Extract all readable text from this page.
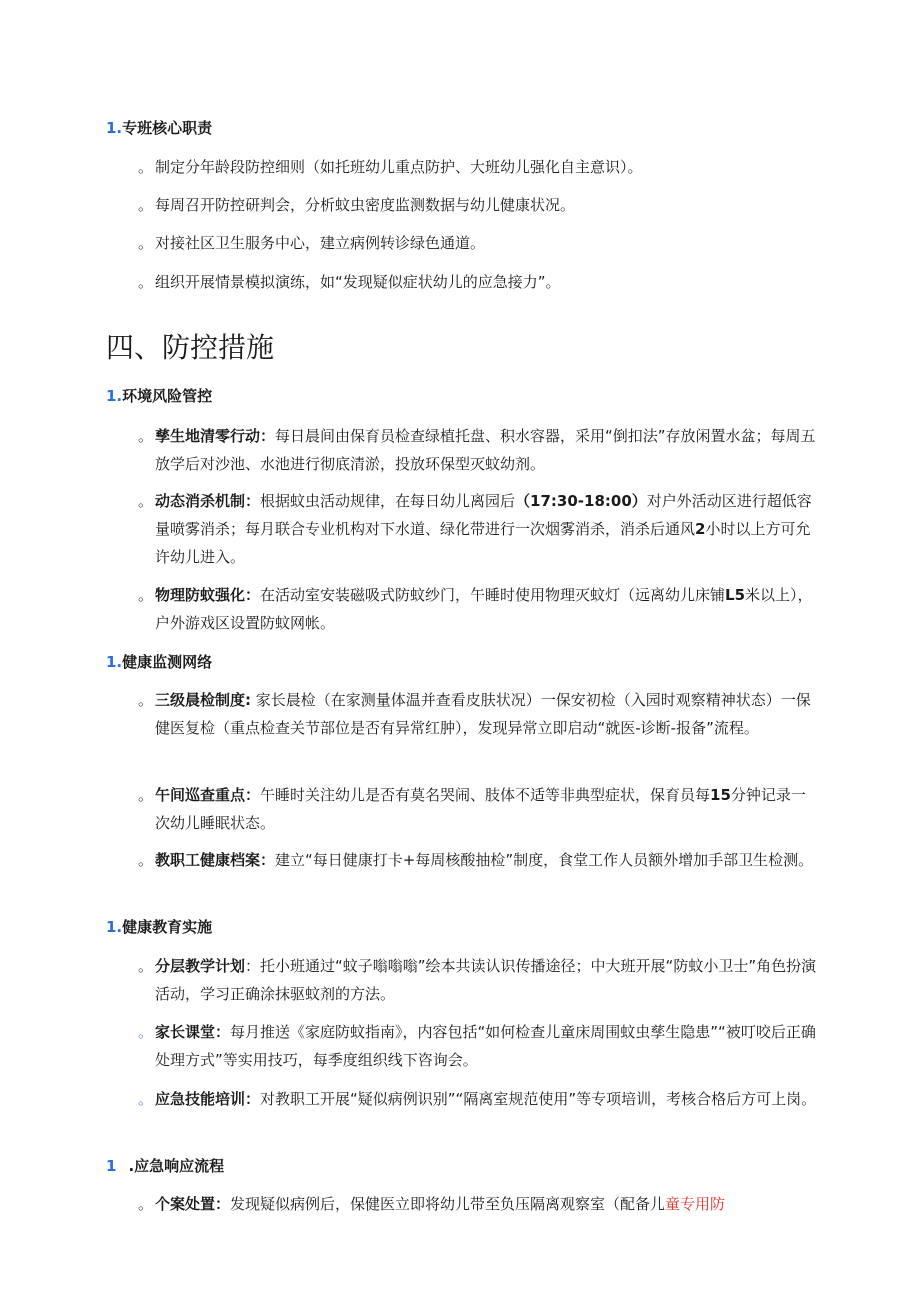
1.专班核心职责
。 制定分年龄段防控细则（如托班幼儿重点防护、大班幼儿强化自主意识）。
。 每周召开防控研判会，分析蚊虫密度监测数据与幼儿健康状况。
。 对接社区卫生服务中心，建立病例转诊绿色通道。
。 组织开展情景模拟演练，如“发现疑似症状幼儿的应急接力”。
四、防控措施
1.环境风险管控
。 孳生地清零行动：每日晨间由保育员检查绿植托盘、积水容器，采用“倒扣法”存放闲置水盆；每周五放学后对沙池、水池进行彻底清淤，投放环保型灭蚊幼剂。
。 动态消杀机制：根据蚊虫活动规律，在每日幼儿离园后（17:30-18:00）对户外活动区进行超低容量喷雾消杀；每月联合专业机构对下水道、绿化带进行一次烟雾消杀，消杀后通风2小时以上方可允许幼儿进入。
。 物理防蚊强化：在活动室安装磁吸式防蚊纱门，午睡时使用物理灭蚊灯（远离幼儿床铺L5米以上），户外游戏区设置防蚊网帐。
1.健康监测网络
。 三级晨检制度: 家长晨检（在家测量体温并查看皮肤状况）一保安初检（入园时观察精神状态）一保健医复检（重点检查关节部位是否有异常红肿），发现异常立即启动“就医-诊断-报备”流程。
。 午间巡查重点：午睡时关注幼儿是否有莫名哭闹、肢体不适等非典型症状，保育员每15分钟记录一次幼儿睡眠状态。
。 教职工健康档案：建立“每日健康打卡+每周核酸抽检”制度，食堂工作人员额外增加手部卫生检测。
1.健康教育实施
。 分层教学计划：托小班通过“蚊子嗡嗡嗡”绘本共读认识传播途径；中大班开展“防蚊小卫士”角色扮演活动，学习正确涂抹驱蚊剂的方法。
。 家长课堂：每月推送《家庭防蚊指南》，内容包括“如何检查儿童床周围蚊虫孳生隐患”“被叮咬后正确处理方式”等实用技巧，每季度组织线下咨询会。
。 应急技能培训：对教职工开展“疑似病例识别”“隔离室规范使用”等专项培训，考核合格后方可上岗。
1 .应急响应流程
。 个案处置：发现疑似病例后，保健医立即将幼儿带至负压隔离观察室（配备儿童专用防
